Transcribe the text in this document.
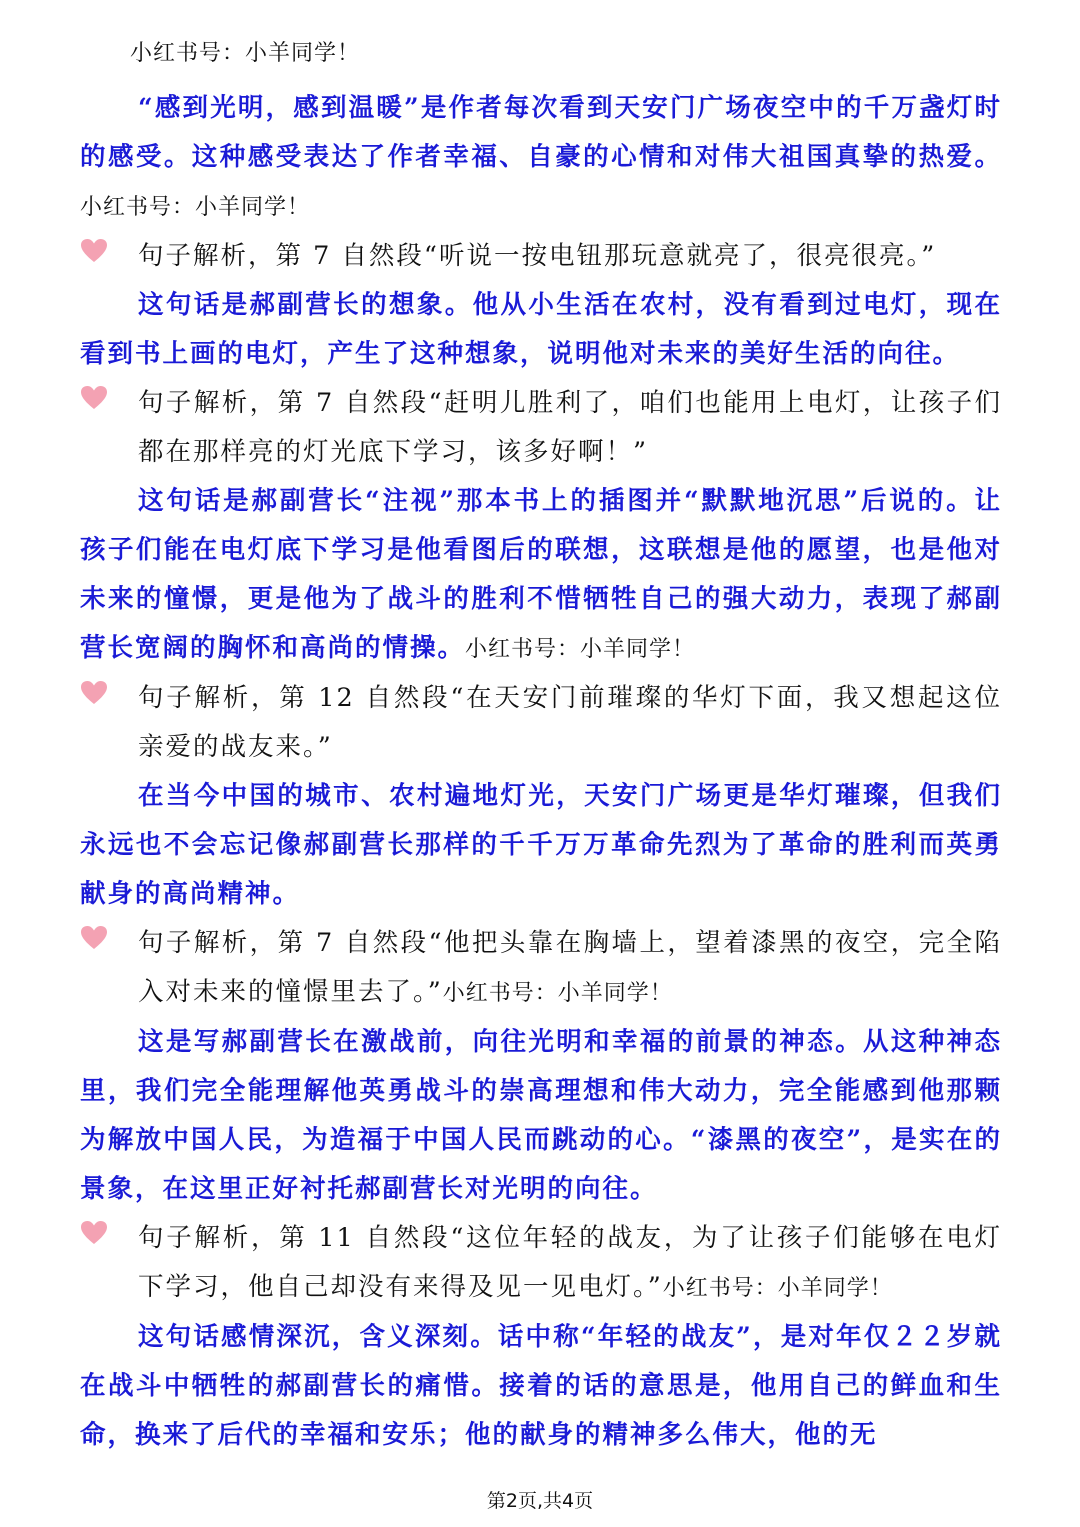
小红书号：小羊同学！

“感到光明，感到温暖”是作者每次看到天安门广场夜空中的千万盏灯时的感受。这种感受表达了作者幸福、自豪的心情和对伟大祖国真挚的热爱。小红书号：小羊同学！

句子解析，第 7 自然段“听说一按电钮那玩意就亮了，很亮很亮。”

这句话是郝副营长的想象。他从小生活在农村，没有看到过电灯，现在看到书上画的电灯，产生了这种想象，说明他对未来的美好生活的向往。

句子解析，第 7 自然段“赶明儿胜利了，咱们也能用上电灯，让孩子们都在那样亮的灯光底下学习，该多好啊！”

这句话是郝副营长“注视”那本书上的插图并“默默地沉思”后说的。让孩子们能在电灯底下学习是他看图后的联想，这联想是他的愿望，也是他对未来的憧憬，更是他为了战斗的胜利不惜牺牲自己的强大动力，表现了郝副营长宽阔的胸怀和高尚的情操。小红书号：小羊同学！

句子解析，第 12 自然段“在天安门前璀璨的华灯下面，我又想起这位亲爱的战友来。”

在当今中国的城市、农村遍地灯光，天安门广场更是华灯璀璨，但我们永远也不会忘记像郝副营长那样的千千万万革命先烈为了革命的胜利而英勇献身的高尚精神。

句子解析，第 7 自然段“他把头靠在胸墙上，望着漆黑的夜空，完全陷入对未来的憧憬里去了。”小红书号：小羊同学！

这是写郝副营长在激战前，向往光明和幸福的前景的神态。从这种神态里，我们完全能理解他英勇战斗的崇高理想和伟大动力，完全能感到他那颗为解放中国人民，为造福于中国人民而跳动的心。“漆黑的夜空”，是实在的景象，在这里正好衬托郝副营长对光明的向往。

句子解析，第 11 自然段“这位年轻的战友，为了让孩子们能够在电灯下学习，他自己却没有来得及见一见电灯。”小红书号：小羊同学！

这句话感情深沉，含义深刻。话中称“年轻的战友”，是对年仅２２岁就在战斗中牺牲的郝副营长的痛惜。接着的话的意思是，他用自己的鲜血和生命，换来了后代的幸福和安乐；他的献身的精神多么伟大，他的无

第2页,共4页
